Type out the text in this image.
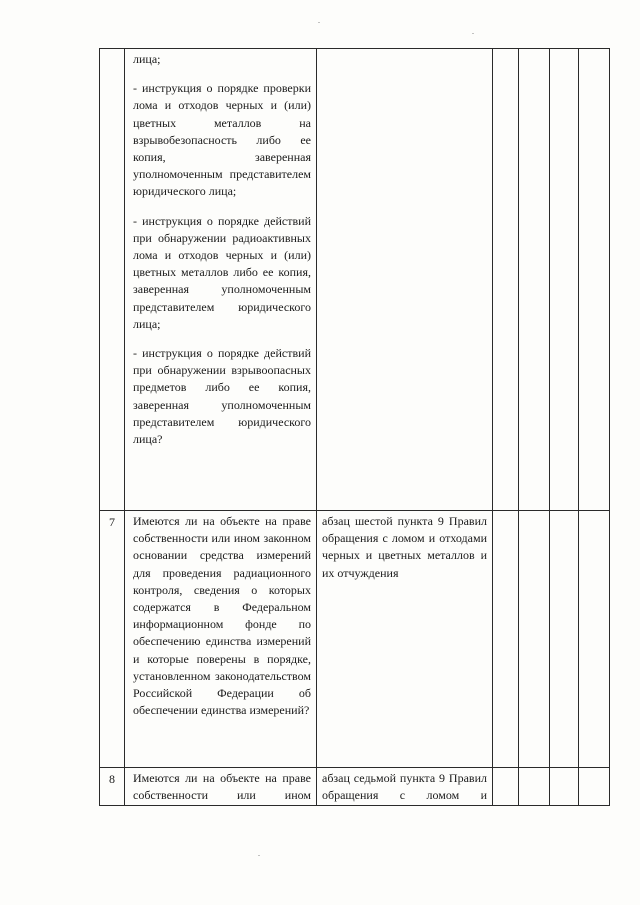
	лица;

- инструкция о порядке проверки лома и отходов черных и (или) цветных металлов на взрывобезопасность либо ее копия, заверенная уполномоченным представителем юридического лица;

- инструкция о порядке действий при обнаружении радиоактивных лома и отходов черных и (или) цветных металлов либо ее копия, заверенная уполномоченным представителем юридического лица;

- инструкция о порядке действий при обнаружении взрывоопасных предметов либо ее копия, заверенная уполномоченным представителем юридического лица?					

7	Имеются ли на объекте на праве собственности или ином законном основании средства измерений для проведения радиационного контроля, сведения о которых содержатся в Федеральном информационном фонде по обеспечению единства измерений и которые поверены в порядке, установленном законодательством Российской Федерации об обеспечении единства измерений?	абзац шестой пункта 9 Правил обращения с ломом и отходами черных и цветных металлов и их отчуждения				

8	Имеются ли на объекте на праве собственности или ином	абзац седьмой пункта 9 Правил обращения с ломом и				
